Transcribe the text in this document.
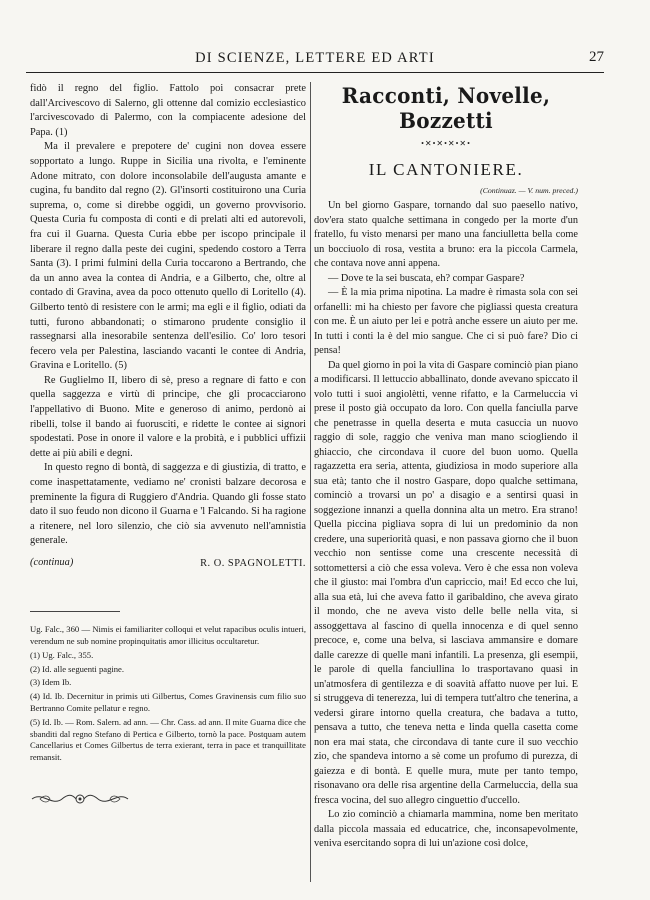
DI SCIENZE, LETTERE ED ARTI	27

fidò il regno del figlio. Fattolo poi consacrar prete dall'Arcivescovo di Salerno, gli ottenne dal comizio ecclesiastico l'arcivescovado di Palermo, con la compiacente adesione del Papa. (1)

Ma il prevalere e prepotere de' cugini non dovea essere sopportato a lungo. Ruppe in Sicilia una rivolta, e l'eminente Adone mitrato, con dolore inconsolabile dell'augusta amante e cugina, fu bandito dal regno (2). Gl'insorti costituirono una Curia suprema, o, come si direbbe oggidì, un governo provvisorio. Questa Curia fu composta di conti e di prelati alti ed autorevoli, fra cui il Guarna. Questa Curia ebbe per iscopo principale il liberare il regno dalla peste dei cugini, spedendo costoro a Terra Santa (3). I primi fulmini della Curia toccarono a Bertrando, che da un anno avea la contea di Andria, e a Gilberto, che, oltre al contado di Gravina, avea da poco ottenuto quello di Loritello (4). Gilberto tentò di resistere con le armi; ma egli e il figlio, odiati da tutti, furono abbandonati; o stimarono prudente consiglio il rassegnarsi alla inesorabile sentenza dell'esilio. Co' loro tesori fecero vela per Palestina, lasciando vacanti le contee di Andria, Gravina e Loritello. (5)

Re Guglielmo II, libero di sè, preso a regnare di fatto e con quella saggezza e virtù di principe, che gli procacciarono l'appellativo di Buono. Mite e generoso di animo, perdonò ai ribelli, tolse il bando ai fuorusciti, e ridette le contee ai signori spodestati. Pose in onore il valore e la probità, e i pubblici uffizii dette ai più abili e degni.

In questo regno di bontà, di saggezza e di giustizia, di tratto, e come inaspettatamente, vediamo ne' cronisti balzare decorosa e preminente la figura di Ruggiero d'Andria. Quando gli fosse stato dato il suo feudo non dicono il Guarna e 'l Falcando. Si ha ragione a ritenere, nel loro silenzio, che ciò sia avvenuto nell'amnistia generale.

(continua)	R. O. SPAGNOLETTI.

Ug. Falc., 360 — Nimis ei familiariter colloqui et velut rapacibus oculis intueri, verendum ne sub nomine propinquitatis amor illicitus occultaretur.

(1) Ug. Falc., 355.

(2) Id. alle seguenti pagine.

(3) Idem Ib.

(4) Id. Ib. Decernitur in primis uti Gilbertus, Comes Gravinensis cum filio suo Bertranno Comite pellatur e regno.

(5) Id. Ib. — Rom. Salern. ad ann. — Chr. Cass. ad ann. Il mite Guarna dice che sbanditi dal regno Stefano di Pertica e Gilberto, tornò la pace. Postquam autem Cancellarius et Comes Gilbertus de terra exierant, terra in pace et tranquillitate remansit.

Racconti, Novelle, Bozzetti
•✕•✕•✕•✕•
IL CANTONIERE.
(Continuaz. — V. num. preced.)

Un bel giorno Gaspare, tornando dal suo paesello nativo, dov'era stato qualche settimana in congedo per la morte d'un fratello, fu visto menarsi per mano una fanciulletta bella come un bocciuolo di rosa, vestita a bruno: era la piccola Carmela, che contava nove anni appena.

— Dove te la sei buscata, eh? compar Gaspare?

— È la mia prima nipotina. La madre è rimasta sola con sei orfanelli: mi ha chiesto per favore che pigliassi questa creatura con me. È un aiuto per lei e potrà anche essere un aiuto per me. In tutti i conti la è del mio sangue. Che ci si può fare? Dio ci pensa!

Da quel giorno in poi la vita di Gaspare cominciò pian piano a modificarsi. Il lettuccio abballinato, donde avevano spiccato il volo tutti i suoi angiolètti, venne rifatto, e la Carmeluccia vi prese il posto già occupato da loro. Con quella fanciulla parve che penetrasse in quella deserta e muta casuccia un nuovo raggio di sole, raggio che veniva man mano sciogliendo il ghiaccio, che circondava il cuore del buon uomo. Quella ragazzetta era seria, attenta, giudiziosa in modo superiore alla sua età; tanto che il nostro Gaspare, dopo qualche settimana, cominciò a trovarsi un po' a disagio e a sentirsi quasi in soggezione innanzi a quella donnina alta un metro. Era strano! Quella piccina pigliava sopra di lui un predominio da non credere, una superiorità quasi, e non passava giorno che il buon vecchio non sentisse come una crescente necessità di sottomettersi a ciò che essa voleva. Vero è che essa non voleva che il giusto: mai l'ombra d'un capriccio, mai! Ed ecco che lui, alla sua età, lui che aveva fatto il garibaldino, che aveva girato il mondo, che ne aveva visto delle belle nella vita, si assoggettava al fascino di quella innocenza e di quel senno precoce, e, come una belva, si lasciava ammansire e domare dalle carezze di quelle mani infantili. La presenza, gli esempii, le parole di quella fanciullina lo trasportavano quasi in un'atmosfera di gentilezza e di soavità affatto nuove per lui. E si struggeva di tenerezza, lui di tempera tutt'altro che tenerina, a vedersi girare intorno quella creatura, che badava a tutto, pensava a tutto, che teneva netta e linda quella casetta come non era mai stata, che circondava di tante cure il suo vecchio zio, che spandeva intorno a sè come un profumo di purezza, di gaiezza e di bontà. E quelle mura, mute per tanto tempo, risonavano ora delle risa argentine della Carmeluccia, della sua fresca vocina, del suo allegro cinguettio d'uccello.

Lo zio cominciò a chiamarla mammina, nome ben meritato dalla piccola massaia ed educatrice, che, inconsapevolmente, veniva esercitando sopra di lui un'azione così dolce,
